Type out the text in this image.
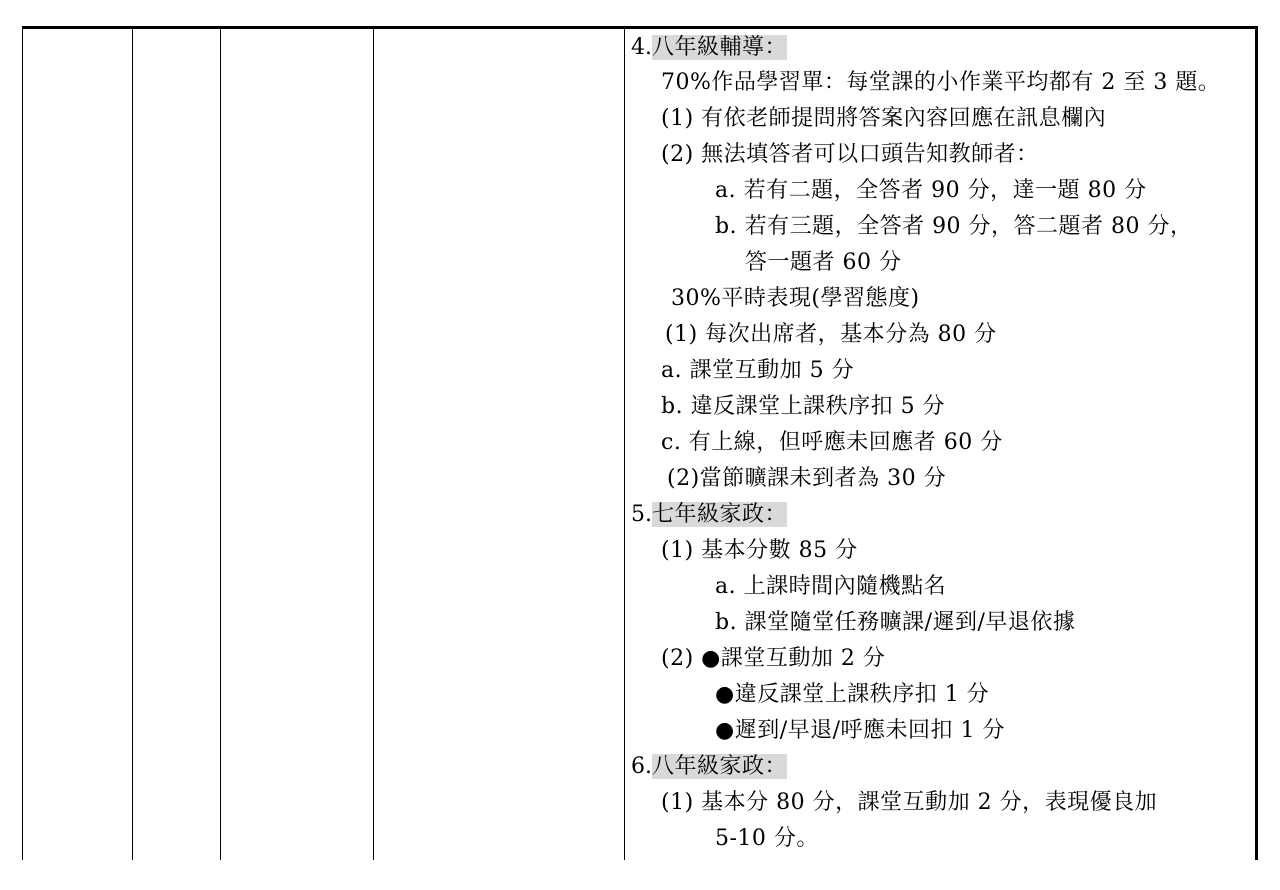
4.八年級輔導：
70%作品學習單：每堂課的小作業平均都有 2 至 3 題。
(1) 有依老師提問將答案內容回應在訊息欄內
(2) 無法填答者可以口頭告知教師者：
a. 若有二題，全答者 90 分，達一題 80 分
b. 若有三題，全答者 90 分，答二題者 80 分，
答一題者 60 分
30%平時表現(學習態度)
(1) 每次出席者，基本分為 80 分
a. 課堂互動加 5 分
b. 違反課堂上課秩序扣 5 分
c. 有上線，但呼應未回應者 60 分
(2)當節曠課未到者為 30 分
5.七年級家政：
(1) 基本分數 85 分
a. 上課時間內隨機點名
b. 課堂隨堂任務曠課/遲到/早退依據
(2) ●課堂互動加 2 分
●違反課堂上課秩序扣 1 分
●遲到/早退/呼應未回扣 1 分
6.八年級家政：
(1) 基本分 80 分，課堂互動加 2 分，表現優良加
5-10 分。
